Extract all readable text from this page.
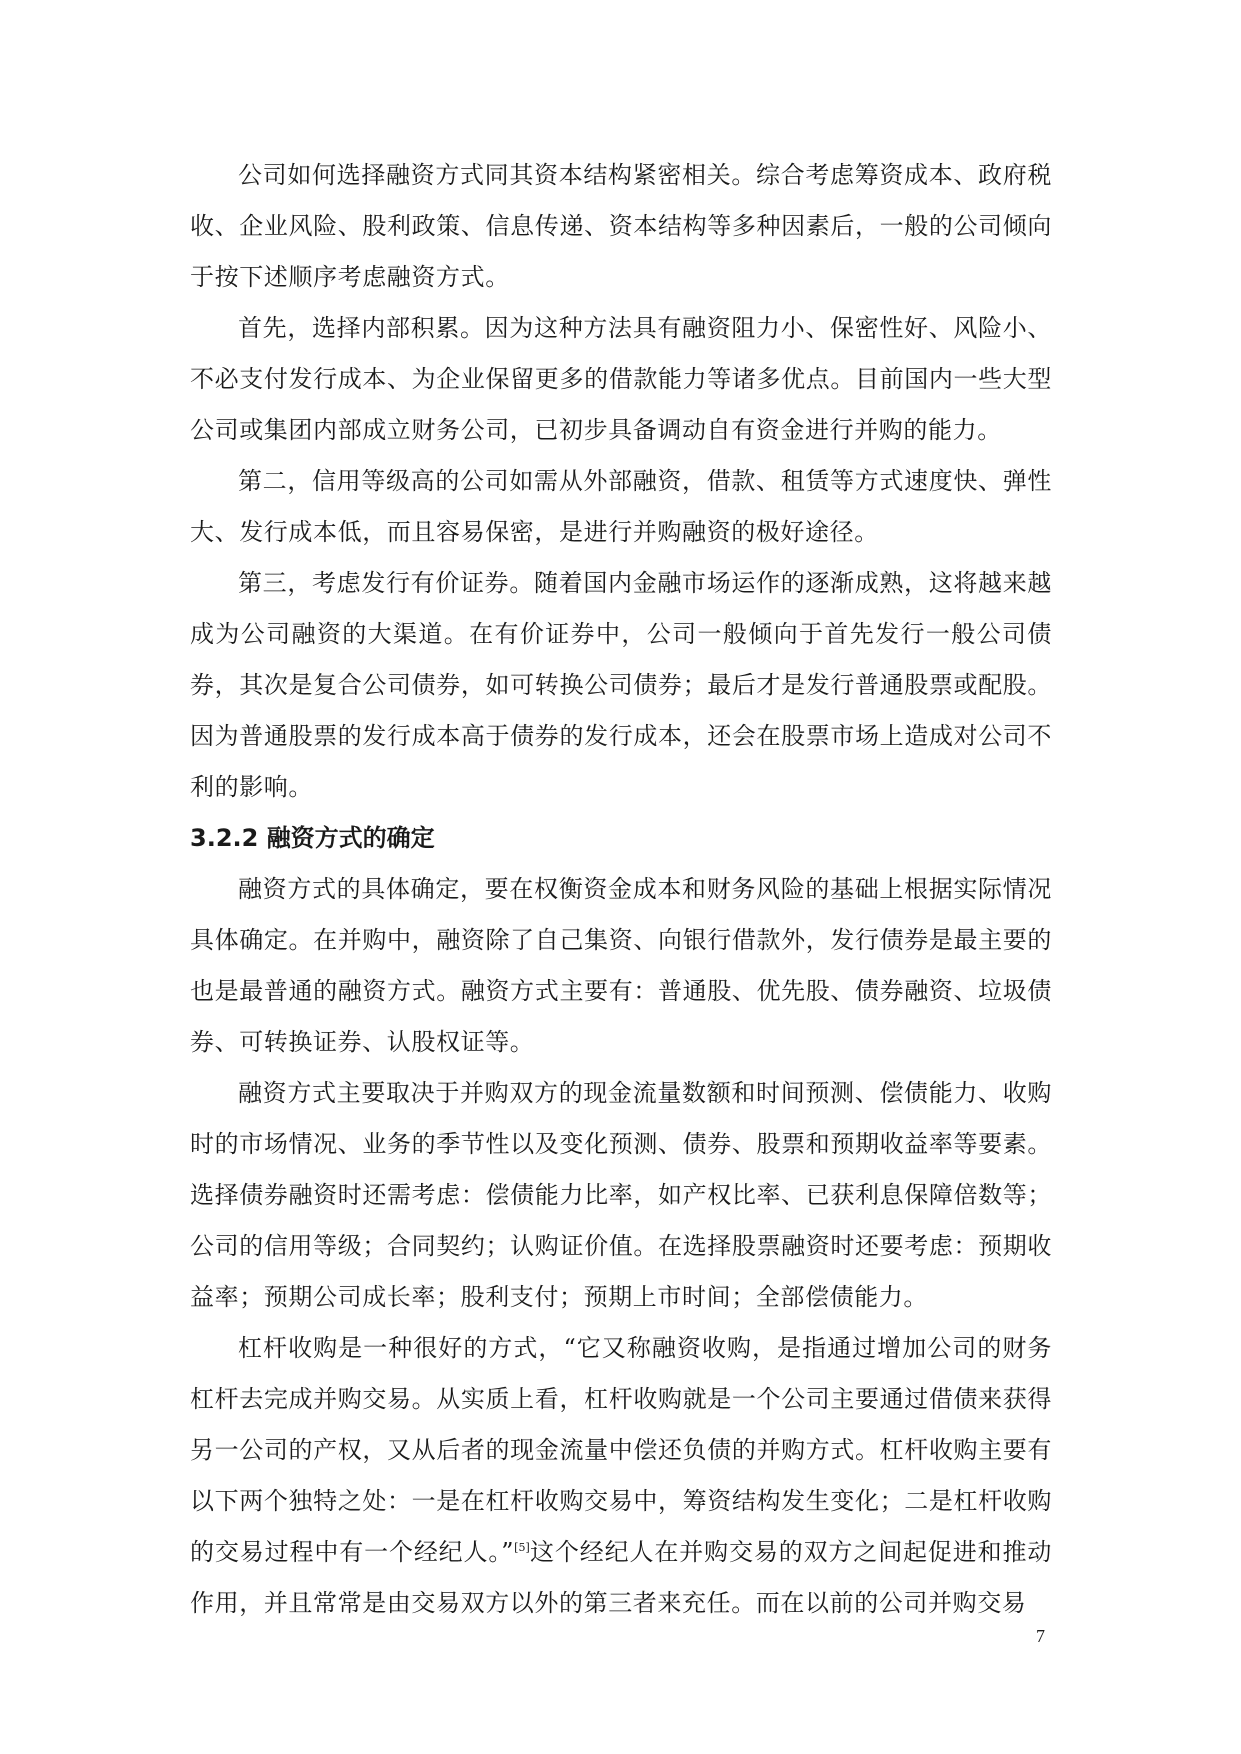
公司如何选择融资方式同其资本结构紧密相关。综合考虑筹资成本、政府税收、企业风险、股利政策、信息传递、资本结构等多种因素后，一般的公司倾向于按下述顺序考虑融资方式。

首先，选择内部积累。因为这种方法具有融资阻力小、保密性好、风险小、不必支付发行成本、为企业保留更多的借款能力等诸多优点。目前国内一些大型公司或集团内部成立财务公司，已初步具备调动自有资金进行并购的能力。

第二，信用等级高的公司如需从外部融资，借款、租赁等方式速度快、弹性大、发行成本低，而且容易保密，是进行并购融资的极好途径。

第三，考虑发行有价证券。随着国内金融市场运作的逐渐成熟，这将越来越成为公司融资的大渠道。在有价证券中，公司一般倾向于首先发行一般公司债券，其次是复合公司债券，如可转换公司债券；最后才是发行普通股票或配股。因为普通股票的发行成本高于债券的发行成本，还会在股票市场上造成对公司不利的影响。

3.2.2 融资方式的确定

融资方式的具体确定，要在权衡资金成本和财务风险的基础上根据实际情况具体确定。在并购中，融资除了自己集资、向银行借款外，发行债券是最主要的也是最普通的融资方式。融资方式主要有：普通股、优先股、债券融资、垃圾债券、可转换证券、认股权证等。

融资方式主要取决于并购双方的现金流量数额和时间预测、偿债能力、收购时的市场情况、业务的季节性以及变化预测、债券、股票和预期收益率等要素。选择债券融资时还需考虑：偿债能力比率，如产权比率、已获利息保障倍数等；公司的信用等级；合同契约；认购证价值。在选择股票融资时还要考虑：预期收益率；预期公司成长率；股利支付；预期上市时间；全部偿债能力。

杠杆收购是一种很好的方式，“它又称融资收购，是指通过增加公司的财务杠杆去完成并购交易。从实质上看，杠杆收购就是一个公司主要通过借债来获得另一公司的产权，又从后者的现金流量中偿还负债的并购方式。杠杆收购主要有以下两个独特之处：一是在杠杆收购交易中，筹资结构发生变化；二是杠杆收购的交易过程中有一个经纪人。”[5]这个经纪人在并购交易的双方之间起促进和推动作用，并且常常是由交易双方以外的第三者来充任。而在以前的公司并购交易

7
